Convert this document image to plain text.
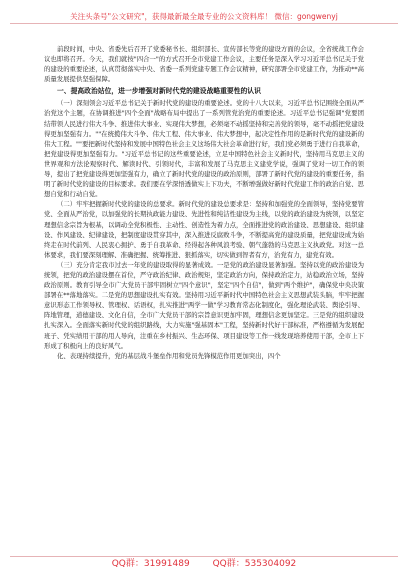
关注头条号"公文研究"，获得最新最全最专业的公文资料库！ 微信：gongwenyj

前段时间，中央、省委先后召开了党委秘书长、组织部长、宣传部长等党的建设方面的会议，全省统战工作会议也即将召开。今天，我们就按"四合一"的方式召开全市党建工作会议，主要任务是深入学习习近平总书记关于党的建设的重要论述，认真贯彻落实中央、省委一系列党建专题工作会议精神，研究部署全市党建工作，为推动**高质量发展提供坚强保障。

一、提高政治站位，进一步增强对新时代党的建设战略重要性的认识

（一）深刻领会习近平总书记关于新时代党的建设的重要论述。党的十八大以来，习近平总书记围绕全面从严治党这个主题，在协调推进"四个全面"战略布局中提出了一系列管党治党的重要论述。习近平总书记强调"党要团结带领人民进行伟大斗争、推进伟大事业、实现伟大梦想，必须毫不动摇坚持和完善党的领导，毫不动摇把党建设得更加坚强有力。""在统揽伟大斗争、伟大工程、伟大事业、伟大梦想中，起决定性作用的是新时代党的建设新的伟大工程。""要把新时代坚持和发展中国特色社会主义这场伟大社会革命进行好，我们党必须勇于进行自我革命，把党建设得更加坚强有力。"习近平总书记的这些重要论述，立足中国特色社会主义新时代，坚持用马克思主义的世界观和方法论观察时代、解读时代、引领时代，丰富和发展了马克思主义建党学说，强调了党对一切工作的领导，提出了把党建设得更加坚强有力，确立了新时代党的建设的政治原则，部署了新时代党的建设的重要任务，指明了新时代党的建设的目标要求。我们要在学深悟透做实上下功夫，不断增强做好新时代党建工作的政治自觉、思想自觉和行动自觉。

（二）牢牢把握新时代党的建设的总要求。新时代党的建设总要求是：坚持和加强党的全面领导，坚持党要管党、全面从严治党，以加强党的长期执政能力建设、先进性和纯洁性建设为主线，以党的政治建设为统领，以坚定理想信念宗旨为根基，以调动全党积极性、主动性、创造性为着力点，全面推进党的政治建设、思想建设、组织建设、作风建设、纪律建设，把制度建设贯穿其中，深入推进反腐败斗争，不断提高党的建设质量，把党建设成为始终走在时代前列、人民衷心拥护、勇于自我革命、经得起各种风浪考验、朝气蓬勃的马克思主义执政党。对这一总体要求，我们要深刻理解、准确把握、统筹推进、狠抓落实，切实做到智者有方，治党有力，建党有效。

（三）充分肯定我市过去一年党的建设取得的显著成效。一是党的政治建设显著加强。坚持以党的政治建设为统领，把党的政治建设摆在首位，严守政治纪律、政治规矩，坚定政治方向，保持政治定力，站稳政治立场，坚持政治原则。教育引导全市广大党员干部牢固树立"四个意识"，坚定"四个自信"，做到"两个维护"，确保党中央决策部署在**落地落实。二是党的思想建设扎实有效。坚持用习近平新时代中国特色社会主义思想武装头脑，牢牢把握意识形态工作领导权、管理权、话语权，扎实推进"两学一做"学习教育常态化制度化，强化理论武装、舆论引导、阵地管理，道德建设、文化自信，全市广大党员干部的宗旨意识更加牢固，理想信念更加坚定。三是党的组织建设扎实深入。全面落实新时代党的组织路线，大力实施"强基固本"工程，坚持新时代好干部标准，严格遵循为发展配班子、凭实绩用干部的用人导向，注重在乡村振兴、生态环保、项目建设等工作一线发现培养使用干部，全市上下形成了积极向上的良好风气。

化、表现持续提升，党的基层战斗堡垒作用和党员先锋模范作用更加突出，四个

QQ群：31991489	QQ群：535304092
